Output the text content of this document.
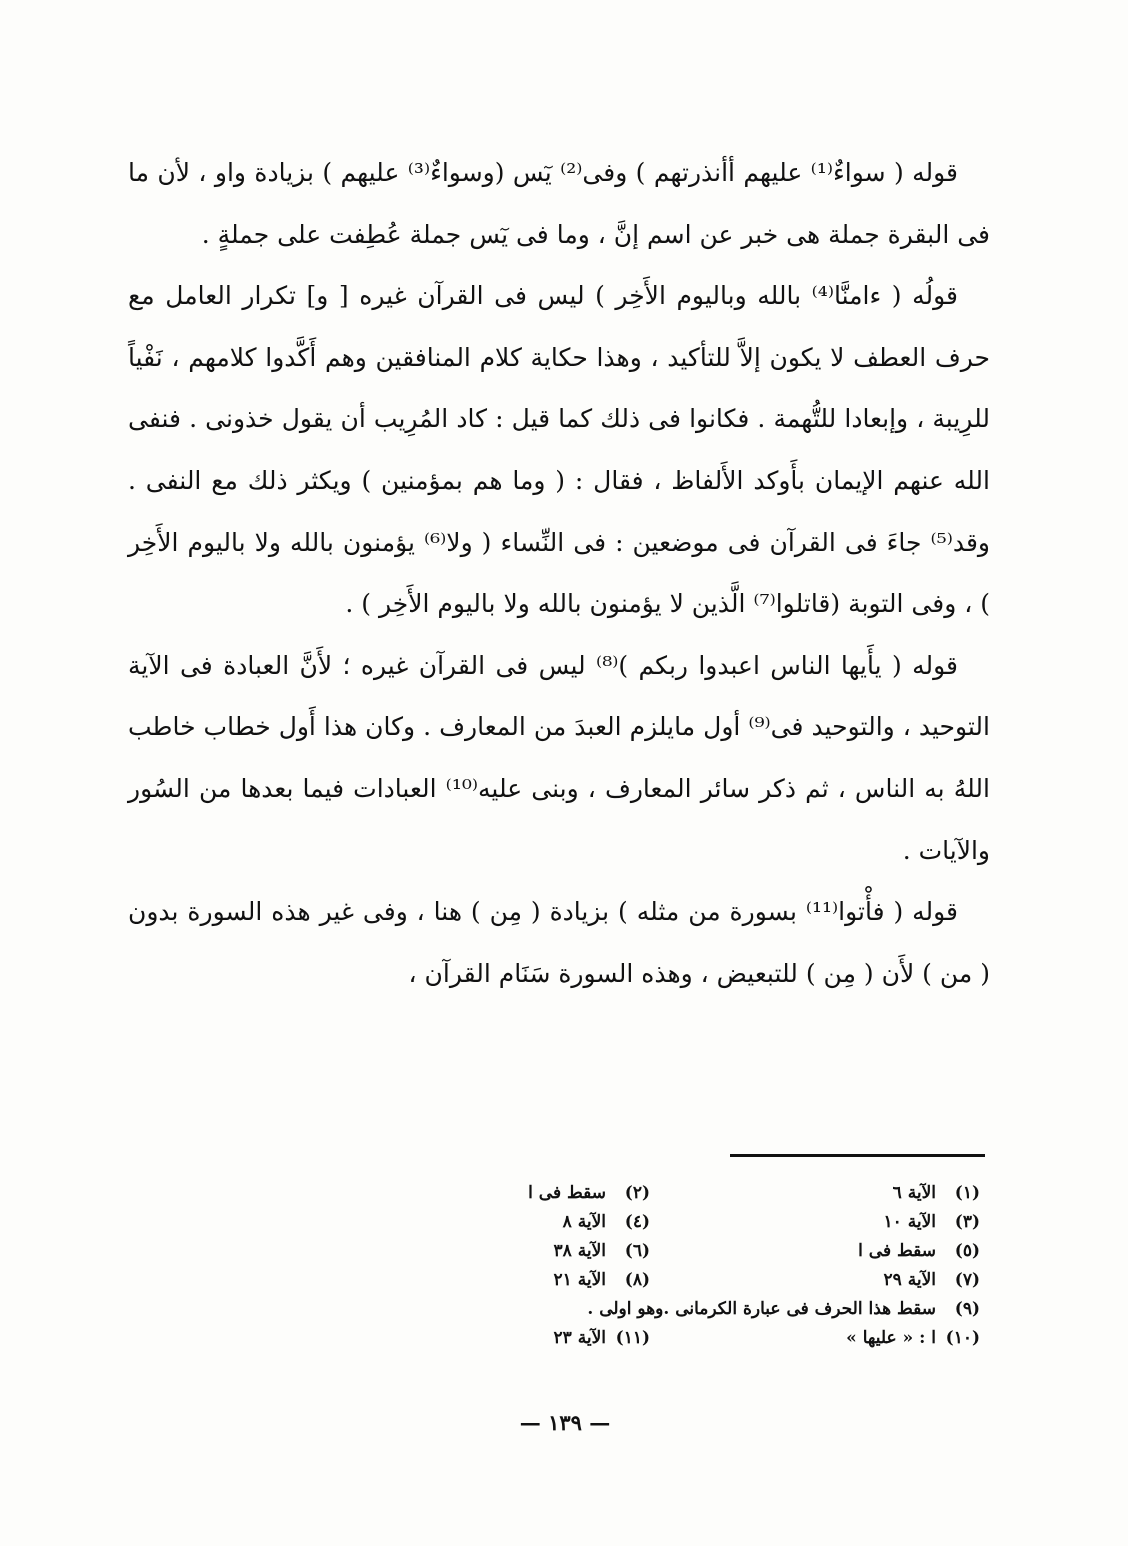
قوله ( سواءٌ⁽¹⁾ عليهم أأنذرتهم ) وفى⁽²⁾ يٓس (وسواءٌ⁽³⁾ عليهم ) بزيادة واو ، لأن ما فى البقرة جملة هى خبر عن اسم إنَّ ، وما فى يٓس جملة عُطِفت على جملةٍ .

قولُه ( ءامنَّا⁽⁴⁾ بالله وباليوم الأَخِر ) ليس فى القرآن غيره [ و] تكرار العامل مع حرف العطف لا يكون إلاَّ للتأكيد ، وهذا حكاية كلام المنافقين وهم أَكَّدوا كلامهم ، نَفْياً للرِيبة ، وإبعادا للتُّهمة . فكانوا فى ذلك كما قيل : كاد المُرِيب أن يقول خذونى . فنفى الله عنهم الإيمان بأَوكد الأَلفاظ ، فقال : ( وما هم بمؤمنين ) ويكثر ذلك مع النفى . وقد⁽⁵⁾ جاءَ فى القرآن فى موضعين : فى النِّساء ( ولا⁽⁶⁾ يؤمنون بالله ولا باليوم الأَخِر ) ، وفى التوبة (قاتلوا⁽⁷⁾ الَّذين لا يؤمنون بالله ولا باليوم الأَخِر ) .

قوله ( يأَيها الناس اعبدوا ربكم )⁽⁸⁾ ليس فى القرآن غيره ؛ لأَنَّ العبادة فى الآية التوحيد ، والتوحيد فى⁽⁹⁾ أول مايلزم العبدَ من المعارف . وكان هذا أَول خطاب خاطب اللهُ به الناس ، ثم ذكر سائر المعارف ، وبنى عليه⁽¹⁰⁾ العبادات فيما بعدها من السُور والآيات .

قوله ( فأْتوا⁽¹¹⁾ بسورة من مثله ) بزيادة ( مِن ) هنا ، وفى غير هذه السورة بدون ( من ) لأَن ( مِن ) للتبعيض ، وهذه السورة سَنَام القرآن ،

(١)الآية ٦
(٢)سقط فى ا
(٣)الآية ١٠
(٤)الآية ٨
(٥)سقط فى ا
(٦)الآية ٣٨
(٧)الآية ٢٩
(٨)الآية ٢١
(٩)سقط هذا الحرف فى عبارة الكرمانى .وهو اولى .
(١٠)ا : « عليها »
(١١)الآية ٢٣
— ١٣٩ —
